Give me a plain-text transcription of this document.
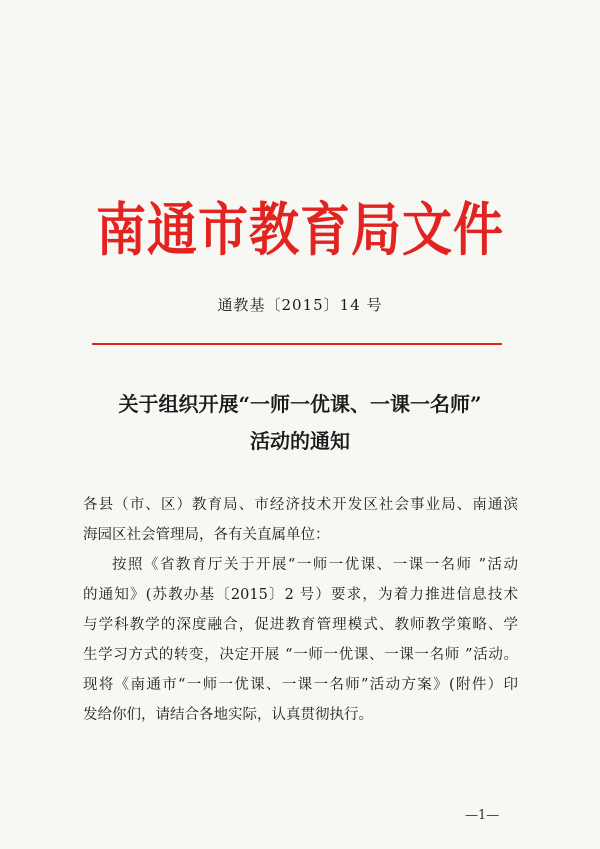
南通市教育局文件
通教基〔2015〕14 号
关于组织开展“一师一优课、一课一名师”
活动的通知

各县（市、区）教育局、市经济技术开发区社会事业局、南通滨

海园区社会管理局，各有关直属单位：

按照《省教育厅关于开展“一师一优课、一课一名师 ”活动

的通知》(苏教办基〔2015〕2 号）要求，为着力推进信息技术

与学科教学的深度融合，促进教育管理模式、教师教学策略、学

生学习方式的转变，决定开展 “一师一优课、一课一名师 ”活动。

现将《南通市“一师一优课、一课一名师”活动方案》(附件）印

发给你们，请结合各地实际，认真贯彻执行。

—1—
